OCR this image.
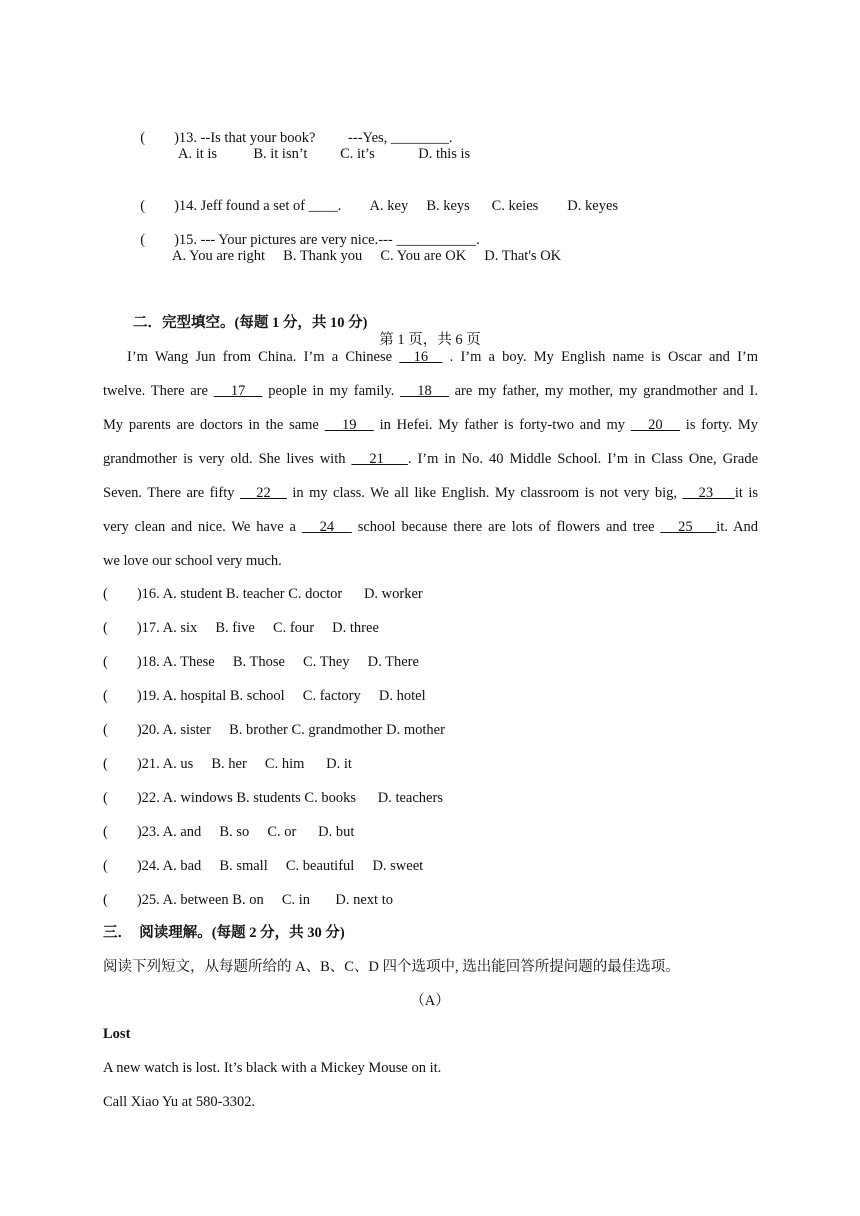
(        )13. --Is that your book?         ---Yes, ________.

A. it is          B. it isn’t         C. it’s            D. this is

(        )14. Jeff found a set of ____.        A. key     B. keys      C. keies        D. keyes

(        )15. --- Your pictures are very nice.--- ___________.

A. You are right     B. Thank you     C. You are OK     D. That's OK
二．完型填空。(每题 1 分，共 10 分)
第 1 页，共 6 页
I’m Wang Jun from China. I’m a Chinese   16   . I’m a boy. My English name is Oscar and I’m
twelve. There are    17    people in my family.    18    are my father, my mother, my grandmother and I.
My parents are doctors in the same    19    in Hefei. My father is forty-two and my    20    is forty. My
grandmother is very old. She lives with    21    . I’m in No. 40 Middle School. I’m in Class One, Grade
Seven. There are fifty    22    in my class. We all like English. My classroom is not very big,    23    it is
very clean and nice. We have a    24    school because there are lots of flowers and tree    25    it. And
we love our school very much.
(        )16. A. student B. teacher C. doctor      D. worker
(        )17. A. six     B. five     C. four     D. three
(        )18. A. These     B. Those     C. They     D. There
(        )19. A. hospital B. school     C. factory     D. hotel
(        )20. A. sister     B. brother C. grandmother D. mother
(        )21. A. us     B. her     C. him      D. it
(        )22. A. windows B. students C. books      D. teachers
(        )23. A. and     B. so     C. or      D. but
(        )24. A. bad     B. small     C. beautiful     D. sweet
(        )25. A. between B. on     C. in       D. next to
三．  阅读理解。(每题 2 分，共 30 分)
阅读下列短文，从每题所给的 A、B、C、D 四个选项中, 选出能回答所提问题的最佳选项。
（A）
Lost
A new watch is lost. It’s black with a Mickey Mouse on it.
Call Xiao Yu at 580-3302.
